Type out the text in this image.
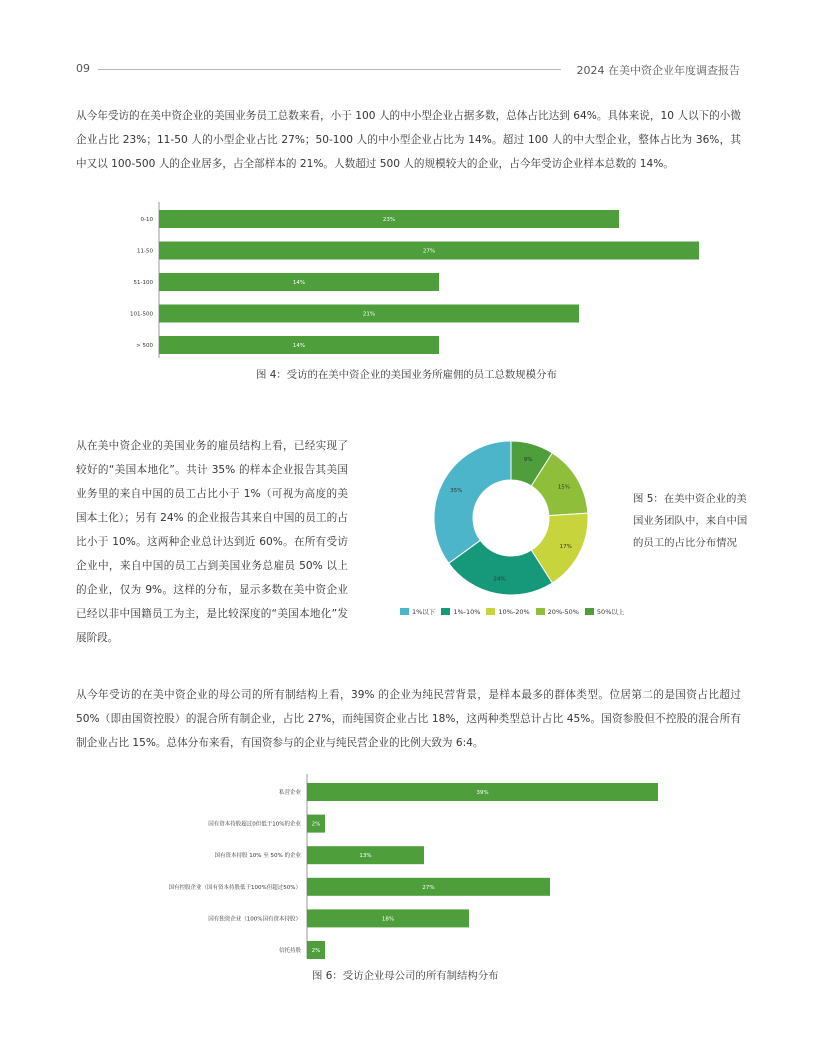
09	2024 在美中资企业年度调查报告
从今年受访的在美中资企业的美国业务员工总数来看，小于 100 人的中小型企业占据多数，总体占比达到 64%。具体来说，10 人以下的小微企业占比 23%；11-50 人的小型企业占比 27%；50-100 人的中小型企业占比为 14%。超过 100 人的中大型企业，整体占比为 36%，其中又以 100-500 人的企业居多，占全部样本的 21%。人数超过 500 人的规模较大的企业，占今年受访企业样本总数的 14%。
0-10	23%
11-50	27%
51-100	14%
101-500	21%
> 500	14%
图 4：受访的在美中资企业的美国业务所雇佣的员工总数规模分布
从在美中资企业的美国业务的雇员结构上看，已经实现了较好的“美国本地化”。共计 35% 的样本企业报告其美国业务里的来自中国的员工占比小于 1%（可视为高度的美国本土化）；另有 24% 的企业报告其来自中国的员工的占比小于 10%。这两种企业总计达到近 60%。在所有受访企业中，来自中国的员工占到美国业务总雇员 50% 以上的企业，仅为 9%。这样的分布，显示多数在美中资企业已经以非中国籍员工为主，是比较深度的“美国本地化”发展阶段。
9%
15%
17%
24%
35%
1%以下	1%-10%	10%-20%	20%-50%	50%以上
图 5：在美中资企业的美国业务团队中，来自中国的员工的占比分布情况
从今年受访的在美中资企业的母公司的所有制结构上看，39% 的企业为纯民营背景，是样本最多的群体类型。位居第二的是国资占比超过 50%（即由国资控股）的混合所有制企业，占比 27%，而纯国资企业占比 18%，这两种类型总计占比 45%。国资参股但不控股的混合所有制企业占比 15%。总体分布来看，有国资参与的企业与纯民营企业的比例大致为 6:4。
私营企业	39%
国有资本持股超过0但低于10%的企业 2%
国有资本持股 10% 至 50% 的企业	13%
国有控股企业（国有资本持股低于100%但超过50%）	27%
国有独资企业（100%国有资本持股）	18%
信托持股 2%
图 6：受访企业母公司的所有制结构分布
